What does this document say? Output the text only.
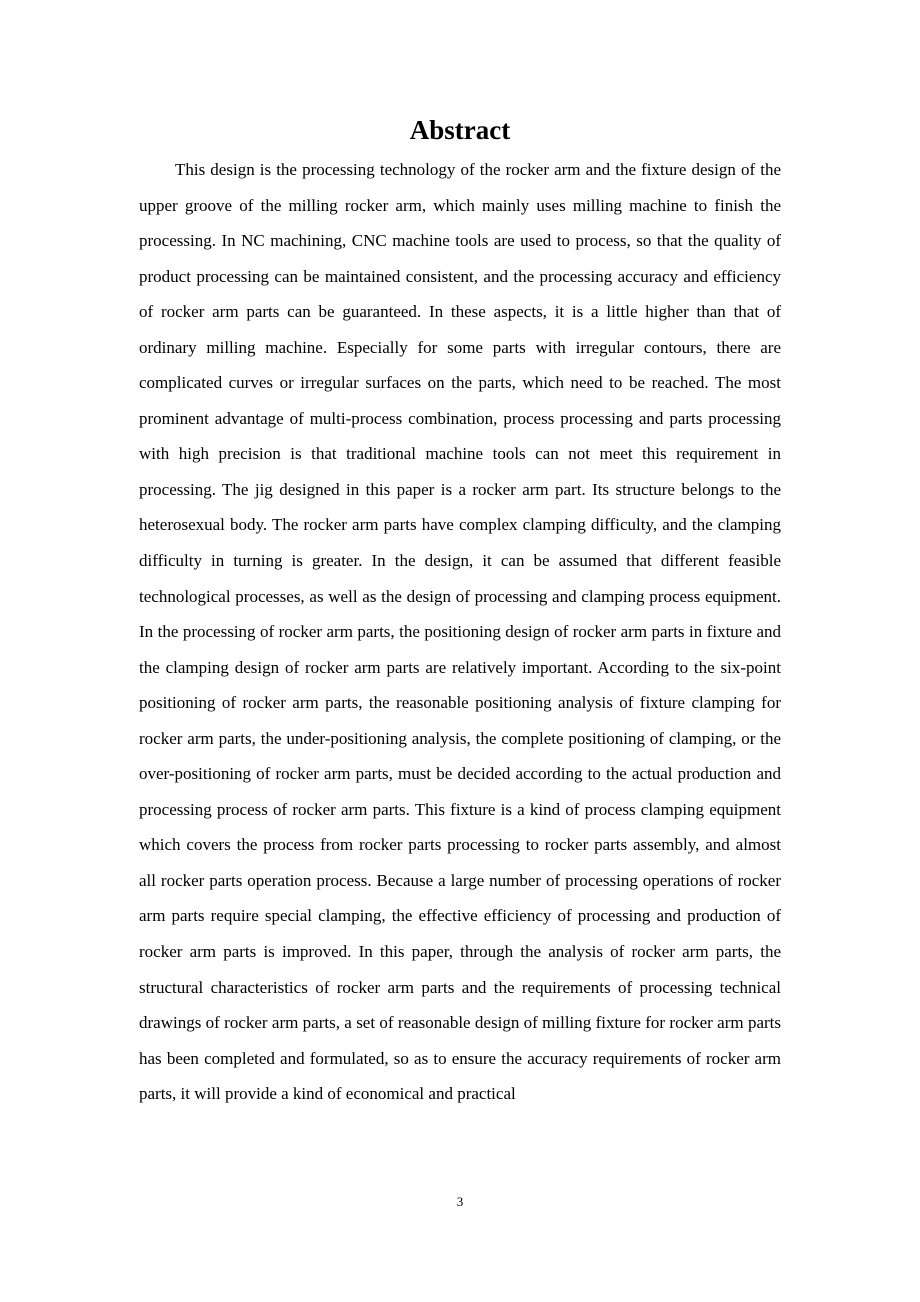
Abstract

This design is the processing technology of the rocker arm and the fixture design of the upper groove of the milling rocker arm, which mainly uses milling machine to finish the processing. In NC machining, CNC machine tools are used to process, so that the quality of product processing can be maintained consistent, and the processing accuracy and efficiency of rocker arm parts can be guaranteed. In these aspects, it is a little higher than that of ordinary milling machine. Especially for some parts with irregular contours, there are complicated curves or irregular surfaces on the parts, which need to be reached. The most prominent advantage of multi-process combination, process processing and parts processing with high precision is that traditional machine tools can not meet this requirement in processing. The jig designed in this paper is a rocker arm part. Its structure belongs to the heterosexual body. The rocker arm parts have complex clamping difficulty, and the clamping difficulty in turning is greater. In the design, it can be assumed that different feasible technological processes, as well as the design of processing and clamping process equipment. In the processing of rocker arm parts, the positioning design of rocker arm parts in fixture and the clamping design of rocker arm parts are relatively important. According to the six-point positioning of rocker arm parts, the reasonable positioning analysis of fixture clamping for rocker arm parts, the under-positioning analysis, the complete positioning of clamping, or the over-positioning of rocker arm parts, must be decided according to the actual production and processing process of rocker arm parts. This fixture is a kind of process clamping equipment which covers the process from rocker parts processing to rocker parts assembly, and almost all rocker parts operation process. Because a large number of processing operations of rocker arm parts require special clamping, the effective efficiency of processing and production of rocker arm parts is improved. In this paper, through the analysis of rocker arm parts, the structural characteristics of rocker arm parts and the requirements of processing technical drawings of rocker arm parts, a set of reasonable design of milling fixture for rocker arm parts has been completed and formulated, so as to ensure the accuracy requirements of rocker arm parts, it will provide a kind of economical and practical

3
